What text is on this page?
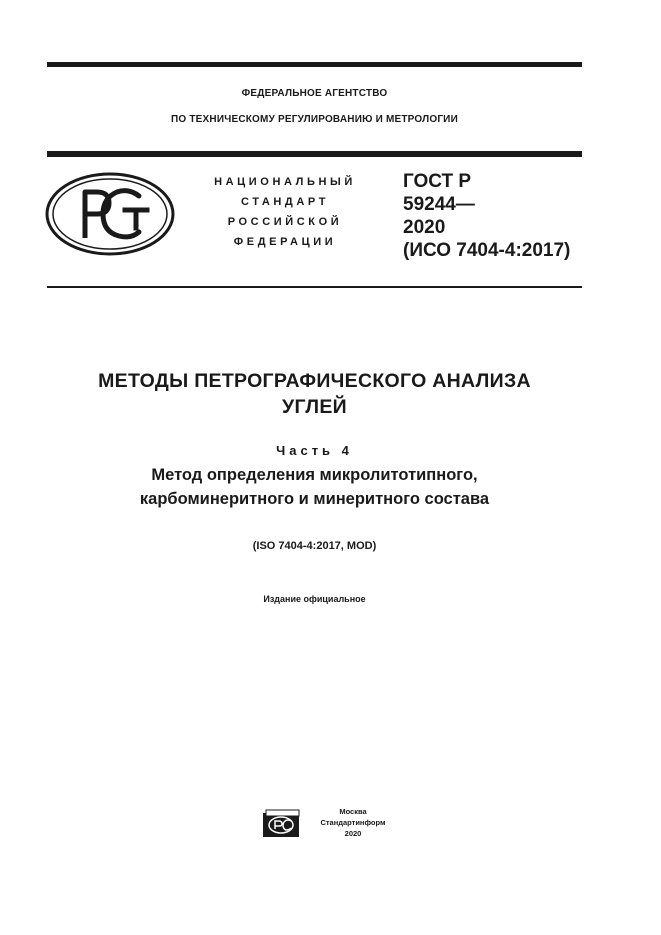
ФЕДЕРАЛЬНОЕ АГЕНТСТВО
ПО ТЕХНИЧЕСКОМУ РЕГУЛИРОВАНИЮ И МЕТРОЛОГИИ
НАЦИОНАЛЬНЫЙ
СТАНДАРТ
РОССИЙСКОЙ
ФЕДЕРАЦИИ
ГОСТ Р
59244—
2020
(ИСО 7404-4:2017)
МЕТОДЫ ПЕТРОГРАФИЧЕСКОГО АНАЛИЗА
УГЛЕЙ
Часть 4
Метод определения микролитотипного,
карбоминеритного и минеритного состава
(ISO 7404-4:2017, MOD)
Издание официальное
Москва
Стандартинформ
2020
